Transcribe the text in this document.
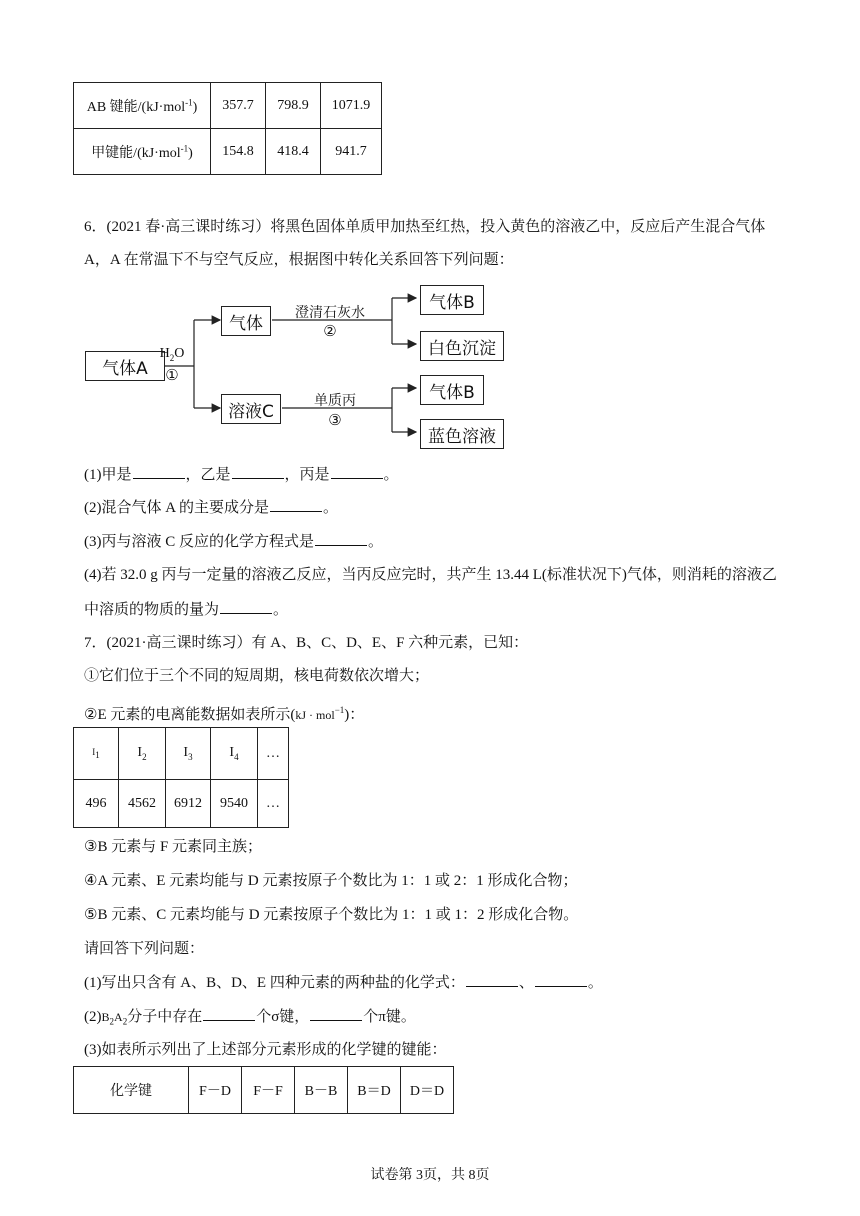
AB 键能/(kJ·mol$^{-1}$)	357.7	798.9	1071.9
甲键能/(kJ·mol$^{-1}$)	154.8	418.4	941.7
6．(2021 春·高三课时练习）将黑色固体单质甲加热至红热，投入黄色的溶液乙中，反应后产生混合气体
A，A 在常温下不与空气反应，根据图中转化关系回答下列问题：
气体A
$H_2O$
①
气体	澄清石灰水
②
气体B
白色沉淀
溶液C	单质丙
③
气体B
蓝色溶液
(1)甲是	，乙是	，丙是	。
(2)混合气体 A 的主要成分是	。
(3)丙与溶液 C 反应的化学方程式是	。
(4)若 32.0 g 丙与一定量的溶液乙反应，当丙反应完时，共产生 13.44 L(标准状况下)气体，则消耗的溶液乙
中溶质的物质的量为	。
7．(2021·高三课时练习）有 A、B、C、D、E、F 六种元素，已知：
①它们位于三个不同的短周期，核电荷数依次增大；
②E 元素的电离能数据如表所示(kJ · mol$^{-1}$)：
$I_1$	$I_2$	$I_3$	$I_4$	…
496	4562	6912	9540	…
③B 元素与 F 元素同主族；
④A 元素、E 元素均能与 D 元素按原子个数比为 1：1 或 2：1 形成化合物；
⑤B 元素、C 元素均能与 D 元素按原子个数比为 1：1 或 1：2 形成化合物。
请回答下列问题：
(1)写出只含有 A、B、D、E 四种元素的两种盐的化学式：	、	。
$(2)B_2A_2$分子中存在	个σ键，	个π键。
(3)如表所示列出了上述部分元素形成的化学键的键能：
化学键	F－D	F－F	B－B	B＝D	D＝D
试卷第 3页，共 8页
